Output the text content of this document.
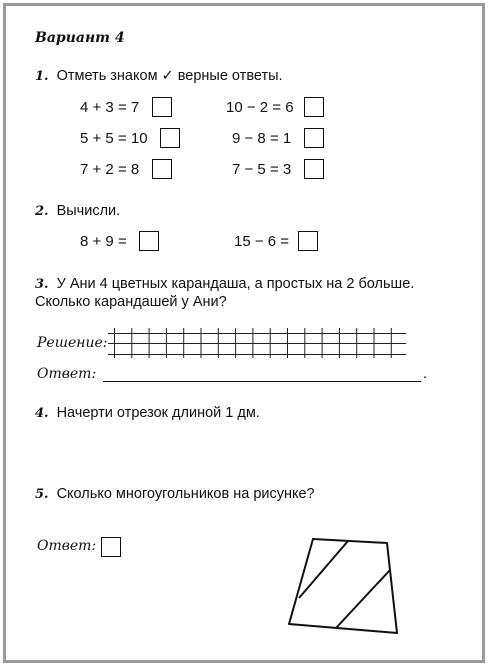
Вариант 4
1. Отметь знаком ✓ верные ответы.
4 + 3 = 7	10 − 2 = 6
5 + 5 = 10	9 − 8 = 1
7 + 2 = 8	7 − 5 = 3
2. Вычисли.
8 + 9 =	15 − 6 =
3. У Ани 4 цветных карандаша, а простых на 2 больше.
Сколько карандашей у Ани?
Решение:
Ответ:	.
4. Начерти отрезок длиной 1 дм.
5. Сколько многоугольников на рисунке?
Ответ:
